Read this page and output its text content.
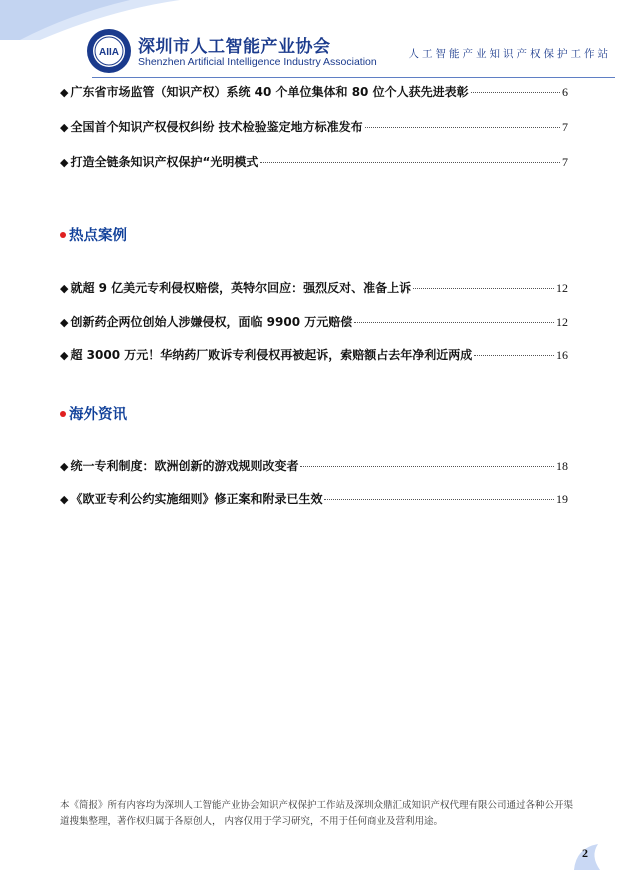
AIIA 深圳市人工智能产业协会
Shenzhen Artificial Intelligence Industry Association
人工智能产业知识产权保护工作站
◆ 广东省市场监管（知识产权）系统 40 个单位集体和 80 位个人获先进表彰	6
◆ 全国首个知识产权侵权纠纷 技术检验鉴定地方标准发布	7
◆ 打造全链条知识产权保护“光明模式	7
热点案例
◆ 就超 9 亿美元专利侵权赔偿，英特尔回应：强烈反对、准备上诉	12
◆ 创新药企两位创始人涉嫌侵权，面临 9900 万元赔偿	12
◆ 超 3000 万元！华纳药厂败诉专利侵权再被起诉，索赔额占去年净利近两成	16
海外资讯
◆ 统一专利制度：欧洲创新的游戏规则改变者	18
◆ 《欧亚专利公约实施细则》修正案和附录已生效	19
本《简报》所有内容均为深圳人工智能产业协会知识产权保护工作站及深圳众鼎汇成知识产权代理有限公司通过各种公开渠道搜集整理，著作权归属于各原创人， 内容仅用于学习研究，不用于任何商业及营利用途。
2
